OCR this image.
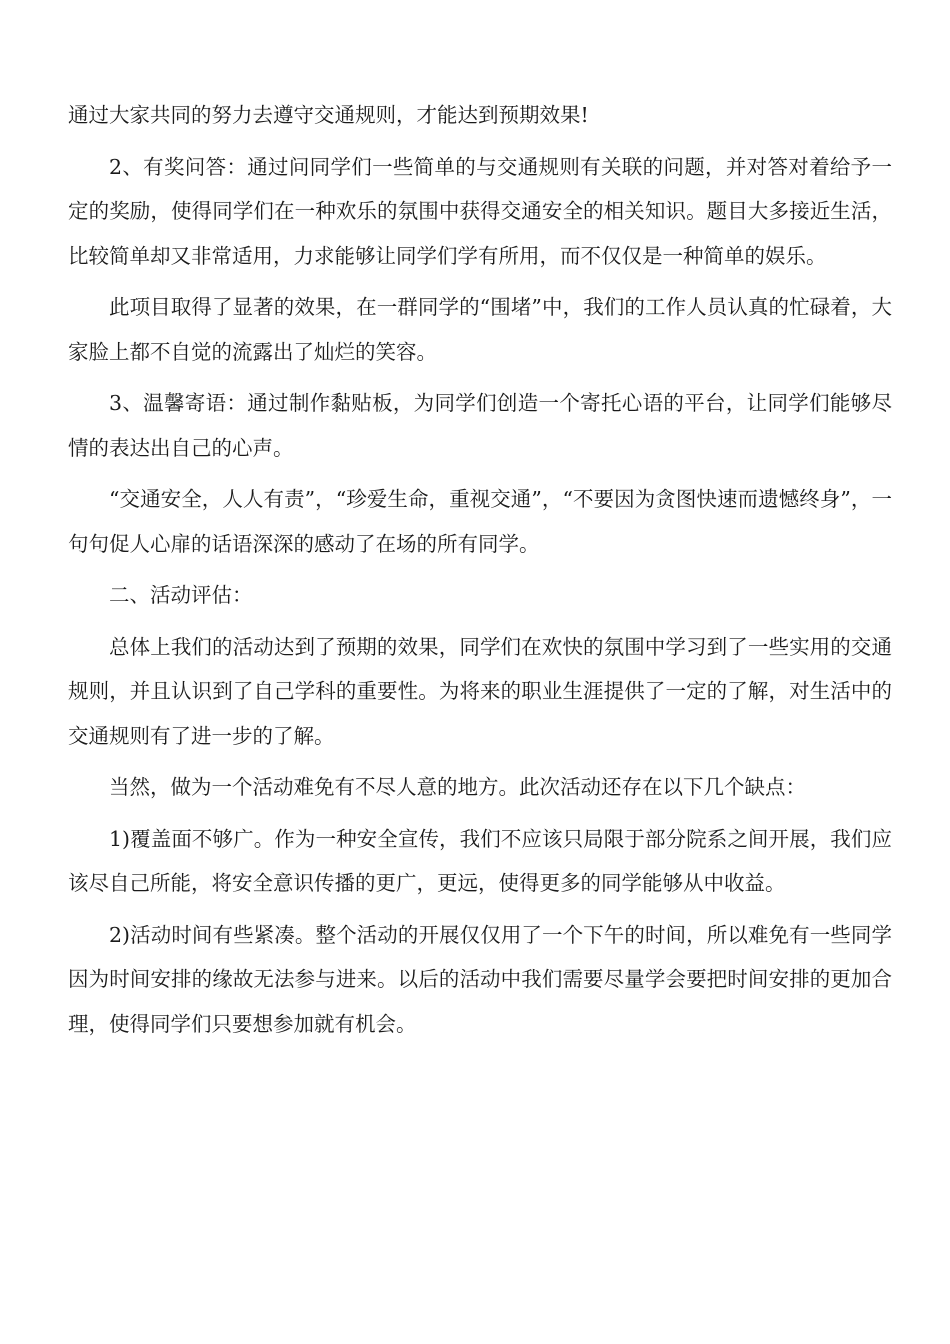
通过大家共同的努力去遵守交通规则，才能达到预期效果!

2、有奖问答：通过问同学们一些简单的与交通规则有关联的问题，并对答对着给予一定的奖励，使得同学们在一种欢乐的氛围中获得交通安全的相关知识。题目大多接近生活，比较简单却又非常适用，力求能够让同学们学有所用，而不仅仅是一种简单的娱乐。

此项目取得了显著的效果，在一群同学的“围堵”中，我们的工作人员认真的忙碌着，大家脸上都不自觉的流露出了灿烂的笑容。

3、温馨寄语：通过制作黏贴板，为同学们创造一个寄托心语的平台，让同学们能够尽情的表达出自己的心声。

“交通安全，人人有责”，“珍爱生命，重视交通”，“不要因为贪图快速而遗憾终身”，一句句促人心扉的话语深深的感动了在场的所有同学。

二、活动评估：

总体上我们的活动达到了预期的效果，同学们在欢快的氛围中学习到了一些实用的交通规则，并且认识到了自己学科的重要性。为将来的职业生涯提供了一定的了解，对生活中的交通规则有了进一步的了解。

当然，做为一个活动难免有不尽人意的地方。此次活动还存在以下几个缺点：

1)覆盖面不够广。作为一种安全宣传，我们不应该只局限于部分院系之间开展，我们应该尽自己所能，将安全意识传播的更广，更远，使得更多的同学能够从中收益。

2)活动时间有些紧凑。整个活动的开展仅仅用了一个下午的时间，所以难免有一些同学因为时间安排的缘故无法参与进来。以后的活动中我们需要尽量学会要把时间安排的更加合理，使得同学们只要想参加就有机会。
